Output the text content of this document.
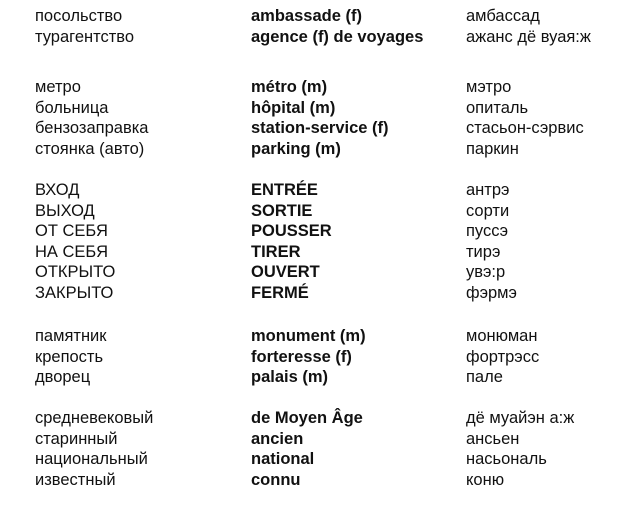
посольство	ambassade (f)	амбассад
турагентство	agence (f) de voyages	ажанс дё вуая:ж
метро	métro (m)	мэтро
больница	hôpital (m)	опиталь
бензозаправка	station-service (f)	стасьон-сэрвис
стоянка (авто)	parking (m)	паркин
ВХОД	ENTRÉE	антрэ
ВЫХОД	SORTIE	сорти
ОТ СЕБЯ	POUSSER	пуссэ
НА СЕБЯ	TIRER	тирэ
ОТКРЫТО	OUVERT	увэ:р
ЗАКРЫТО	FERMÉ	фэрмэ
памятник	monument (m)	монюман
крепость	forteresse (f)	фортрэсс
дворец	palais (m)	пале
средневековый	de Moyen Âge	дё муайэн а:ж
старинный	ancien	ансьен
национальный	national	насьональ
известный	connu	коню
